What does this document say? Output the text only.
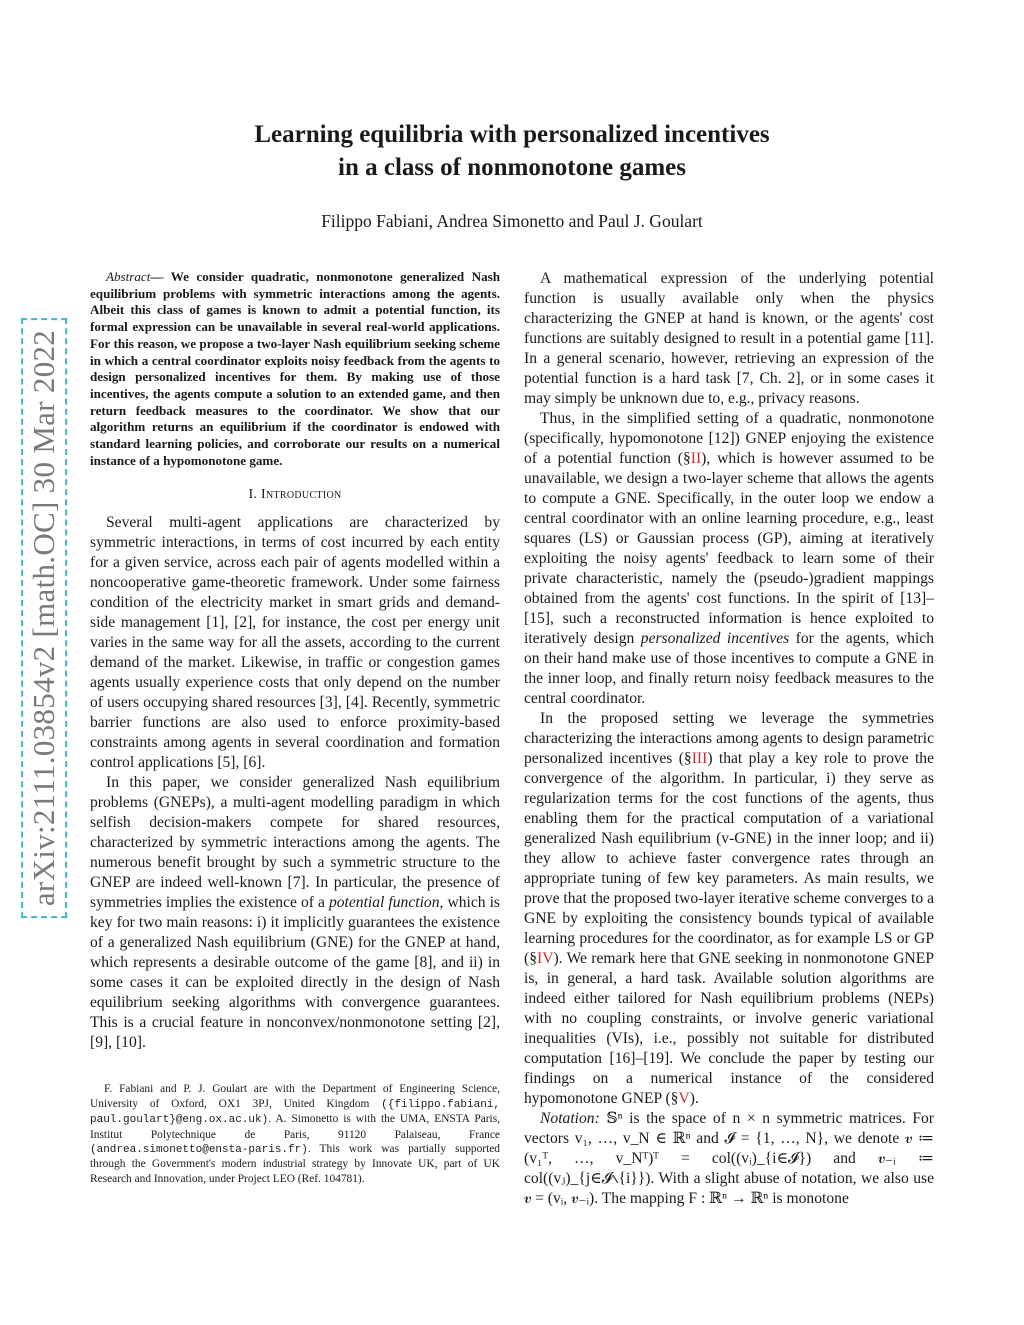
arXiv:2111.03854v2 [math.OC] 30 Mar 2022
Learning equilibria with personalized incentives
in a class of nonmonotone games
Filippo Fabiani, Andrea Simonetto and Paul J. Goulart

Abstract— We consider quadratic, nonmonotone generalized Nash equilibrium problems with symmetric interactions among the agents. Albeit this class of games is known to admit a potential function, its formal expression can be unavailable in several real-world applications. For this reason, we propose a two-layer Nash equilibrium seeking scheme in which a central coordinator exploits noisy feedback from the agents to design personalized incentives for them. By making use of those incentives, the agents compute a solution to an extended game, and then return feedback measures to the coordinator. We show that our algorithm returns an equilibrium if the coordinator is endowed with standard learning policies, and corroborate our results on a numerical instance of a hypomonotone game.

I. Introduction

Several multi-agent applications are characterized by symmetric interactions, in terms of cost incurred by each entity for a given service, across each pair of agents modelled within a noncooperative game-theoretic framework. Under some fairness condition of the electricity market in smart grids and demand-side management [1], [2], for instance, the cost per energy unit varies in the same way for all the assets, according to the current demand of the market. Likewise, in traffic or congestion games agents usually experience costs that only depend on the number of users occupying shared resources [3], [4]. Recently, symmetric barrier functions are also used to enforce proximity-based constraints among agents in several coordination and formation control applications [5], [6].

In this paper, we consider generalized Nash equilibrium problems (GNEPs), a multi-agent modelling paradigm in which selfish decision-makers compete for shared resources, characterized by symmetric interactions among the agents. The numerous benefit brought by such a symmetric structure to the GNEP are indeed well-known [7]. In particular, the presence of symmetries implies the existence of a potential function, which is key for two main reasons: i) it implicitly guarantees the existence of a generalized Nash equilibrium (GNE) for the GNEP at hand, which represents a desirable outcome of the game [8], and ii) in some cases it can be exploited directly in the design of Nash equilibrium seeking algorithms with convergence guarantees. This is a crucial feature in nonconvex/nonmonotone setting [2], [9], [10].

F. Fabiani and P. J. Goulart are with the Department of Engineering Science, University of Oxford, OX1 3PJ, United Kingdom ({filippo.fabiani, paul.goulart}@eng.ox.ac.uk). A. Simonetto is with the UMA, ENSTA Paris, Institut Polytechnique de Paris, 91120 Palaiseau, France (andrea.simonetto@ensta-paris.fr). This work was partially supported through the Government's modern industrial strategy by Innovate UK, part of UK Research and Innovation, under Project LEO (Ref. 104781).

A mathematical expression of the underlying potential function is usually available only when the physics characterizing the GNEP at hand is known, or the agents' cost functions are suitably designed to result in a potential game [11]. In a general scenario, however, retrieving an expression of the potential function is a hard task [7, Ch. 2], or in some cases it may simply be unknown due to, e.g., privacy reasons.

Thus, in the simplified setting of a quadratic, nonmonotone (specifically, hypomonotone [12]) GNEP enjoying the existence of a potential function (§II), which is however assumed to be unavailable, we design a two-layer scheme that allows the agents to compute a GNE. Specifically, in the outer loop we endow a central coordinator with an online learning procedure, e.g., least squares (LS) or Gaussian process (GP), aiming at iteratively exploiting the noisy agents' feedback to learn some of their private characteristic, namely the (pseudo-)gradient mappings obtained from the agents' cost functions. In the spirit of [13]–[15], such a reconstructed information is hence exploited to iteratively design personalized incentives for the agents, which on their hand make use of those incentives to compute a GNE in the inner loop, and finally return noisy feedback measures to the central coordinator.

In the proposed setting we leverage the symmetries characterizing the interactions among agents to design parametric personalized incentives (§III) that play a key role to prove the convergence of the algorithm. In particular, i) they serve as regularization terms for the cost functions of the agents, thus enabling them for the practical computation of a variational generalized Nash equilibrium (v-GNE) in the inner loop; and ii) they allow to achieve faster convergence rates through an appropriate tuning of few key parameters. As main results, we prove that the proposed two-layer iterative scheme converges to a GNE by exploiting the consistency bounds typical of available learning procedures for the coordinator, as for example LS or GP (§IV). We remark here that GNE seeking in nonmonotone GNEP is, in general, a hard task. Available solution algorithms are indeed either tailored for Nash equilibrium problems (NEPs) with no coupling constraints, or involve generic variational inequalities (VIs), i.e., possibly not suitable for distributed computation [16]–[19]. We conclude the paper by testing our findings on a numerical instance of the considered hypomonotone GNEP (§V).

Notation: 𝕊ⁿ is the space of n × n symmetric matrices. For vectors v₁, …, v_N ∈ ℝⁿ and 𝓘 = {1, …, N}, we denote 𝒗 ≔ (v₁ᵀ, …, v_Nᵀ)ᵀ = col((vᵢ)_{i∈𝓘}) and 𝒗₋ᵢ ≔ col((vⱼ)_{j∈𝓘∖{i}}). With a slight abuse of notation, we also use 𝒗 = (vᵢ, 𝒗₋ᵢ). The mapping F : ℝⁿ → ℝⁿ is monotone
